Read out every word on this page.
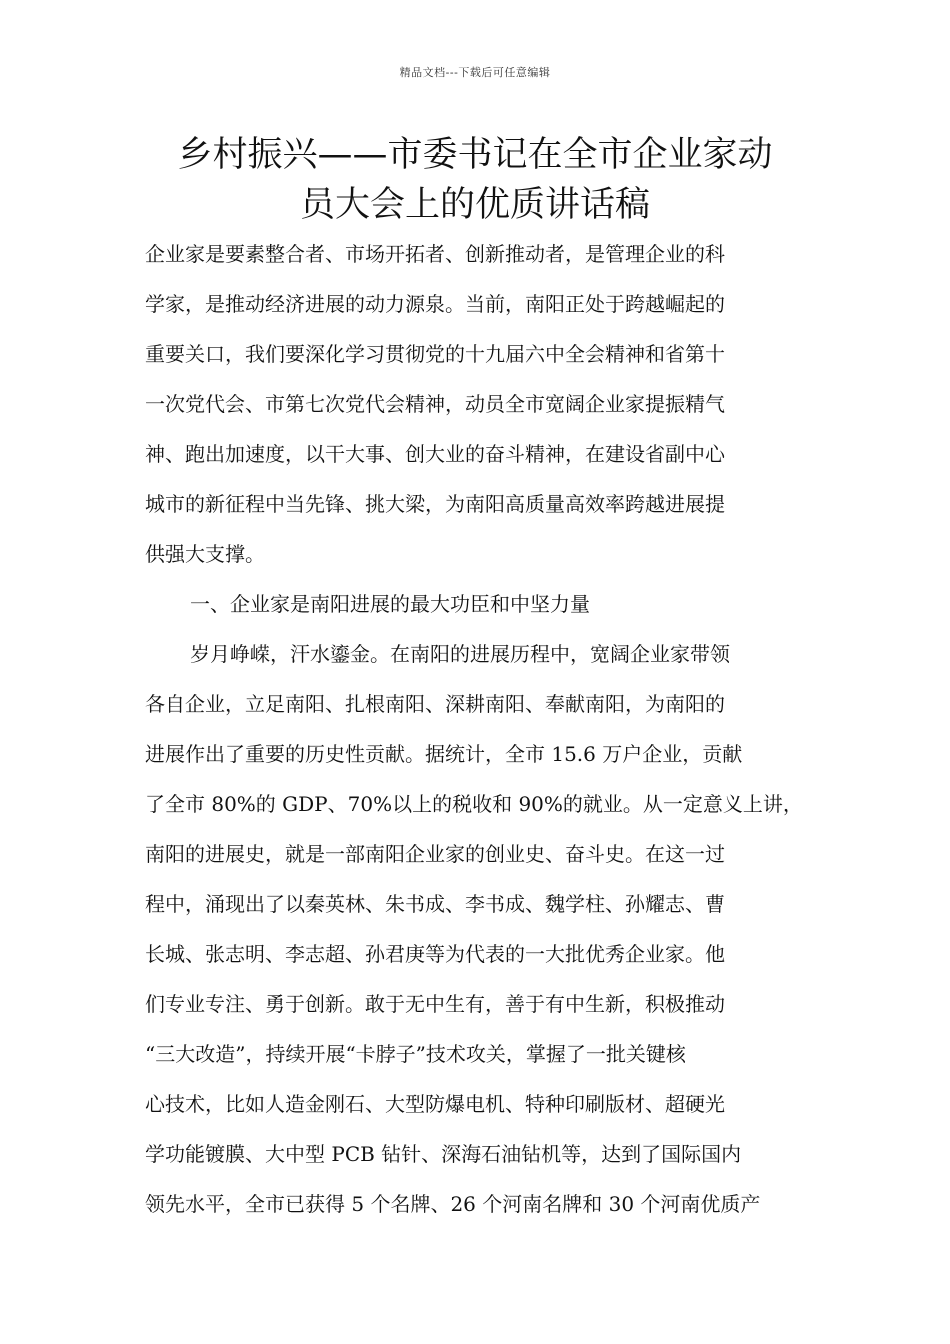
精品文档---下载后可任意编辑
乡村振兴——市委书记在全市企业家动
员大会上的优质讲话稿
企业家是要素整合者、市场开拓者、创新推动者，是管理企业的科
学家，是推动经济进展的动力源泉。当前，南阳正处于跨越崛起的
重要关口，我们要深化学习贯彻党的十九届六中全会精神和省第十
一次党代会、市第七次党代会精神，动员全市宽阔企业家提振精气
神、跑出加速度，以干大事、创大业的奋斗精神，在建设省副中心
城市的新征程中当先锋、挑大梁，为南阳高质量高效率跨越进展提
供强大支撑。
一、企业家是南阳进展的最大功臣和中坚力量
岁月峥嵘，汗水鎏金。在南阳的进展历程中，宽阔企业家带领
各自企业，立足南阳、扎根南阳、深耕南阳、奉献南阳，为南阳的
进展作出了重要的历史性贡献。据统计，全市 15.6 万户企业，贡献
了全市 80%的 GDP、70%以上的税收和 90%的就业。从一定意义上讲，
南阳的进展史，就是一部南阳企业家的创业史、奋斗史。在这一过
程中，涌现出了以秦英林、朱书成、李书成、魏学柱、孙耀志、曹
长城、张志明、李志超、孙君庚等为代表的一大批优秀企业家。他
们专业专注、勇于创新。敢于无中生有，善于有中生新，积极推动
“三大改造”，持续开展“卡脖子”技术攻关，掌握了一批关键核
心技术，比如人造金刚石、大型防爆电机、特种印刷版材、超硬光
学功能镀膜、大中型 PCB 钻针、深海石油钻机等，达到了国际国内
领先水平，全市已获得 5 个名牌、26 个河南名牌和 30 个河南优质产
